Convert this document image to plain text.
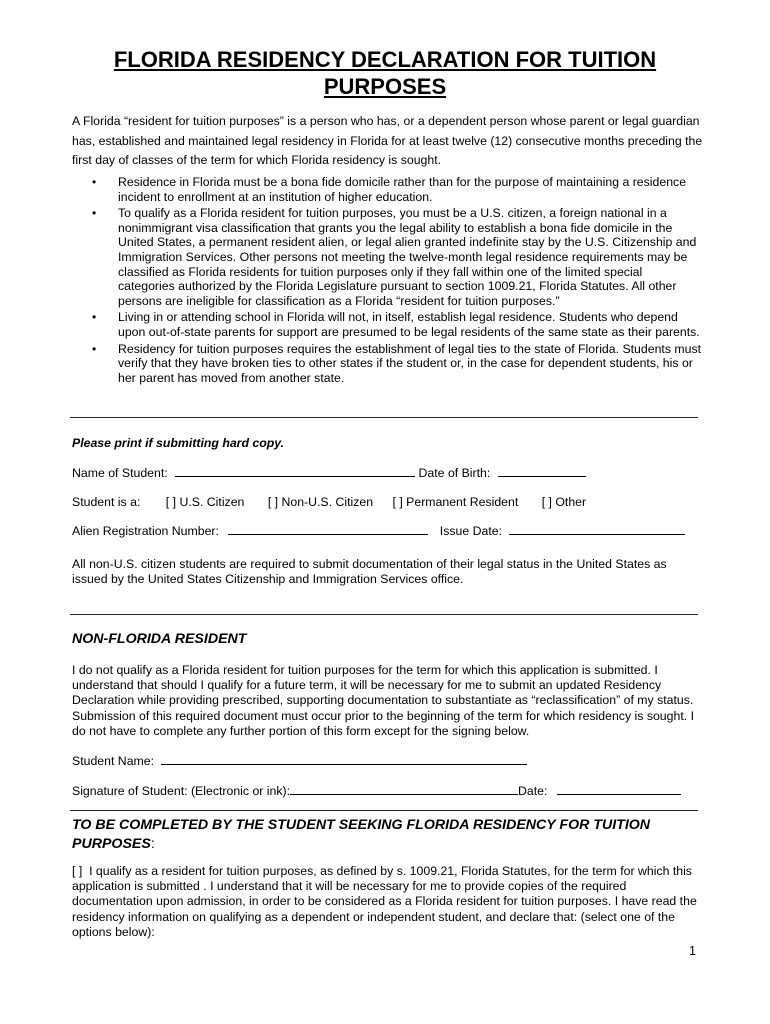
FLORIDA RESIDENCY DECLARATION FOR TUITION PURPOSES
A Florida “resident for tuition purposes” is a person who has, or a dependent person whose parent or legal guardian has, established and maintained legal residency in Florida for at least twelve (12) consecutive months preceding the first day of classes of the term for which Florida residency is sought.
• Residence in Florida must be a bona fide domicile rather than for the purpose of maintaining a residence incident to enrollment at an institution of higher education.
• To qualify as a Florida resident for tuition purposes, you must be a U.S. citizen, a foreign national in a nonimmigrant visa classification that grants you the legal ability to establish a bona fide domicile in the United States, a permanent resident alien, or legal alien granted indefinite stay by the U.S. Citizenship and Immigration Services. Other persons not meeting the twelve-month legal residence requirements may be classified as Florida residents for tuition purposes only if they fall within one of the limited special categories authorized by the Florida Legislature pursuant to section 1009.21, Florida Statutes. All other persons are ineligible for classification as a Florida “resident for tuition purposes.”
• Living in or attending school in Florida will not, in itself, establish legal residence. Students who depend upon out-of-state parents for support are presumed to be legal residents of the same state as their parents.
• Residency for tuition purposes requires the establishment of legal ties to the state of Florida. Students must verify that they have broken ties to other states if the student or, in the case for dependent students, his or her parent has moved from another state.
Please print if submitting hard copy.
Name of Student:	Date of Birth:
Student is a: [ ] U.S. Citizen [ ] Non-U.S. Citizen [ ] Permanent Resident [ ] Other
Alien Registration Number:	Issue Date:
All non-U.S. citizen students are required to submit documentation of their legal status in the United States as issued by the United States Citizenship and Immigration Services office.
NON-FLORIDA RESIDENT
I do not qualify as a Florida resident for tuition purposes for the term for which this application is submitted. I understand that should I qualify for a future term, it will be necessary for me to submit an updated Residency Declaration while providing prescribed, supporting documentation to substantiate as “reclassification” of my status. Submission of this required document must occur prior to the beginning of the term for which residency is sought. I do not have to complete any further portion of this form except for the signing below.
Student Name:
Signature of Student: (Electronic or ink):	Date:
TO BE COMPLETED BY THE STUDENT SEEKING FLORIDA RESIDENCY FOR TUITION PURPOSES:
[ ] I qualify as a resident for tuition purposes, as defined by s. 1009.21, Florida Statutes, for the term for which this application is submitted . I understand that it will be necessary for me to provide copies of the required documentation upon admission, in order to be considered as a Florida resident for tuition purposes. I have read the residency information on qualifying as a dependent or independent student, and declare that: (select one of the options below):
1
